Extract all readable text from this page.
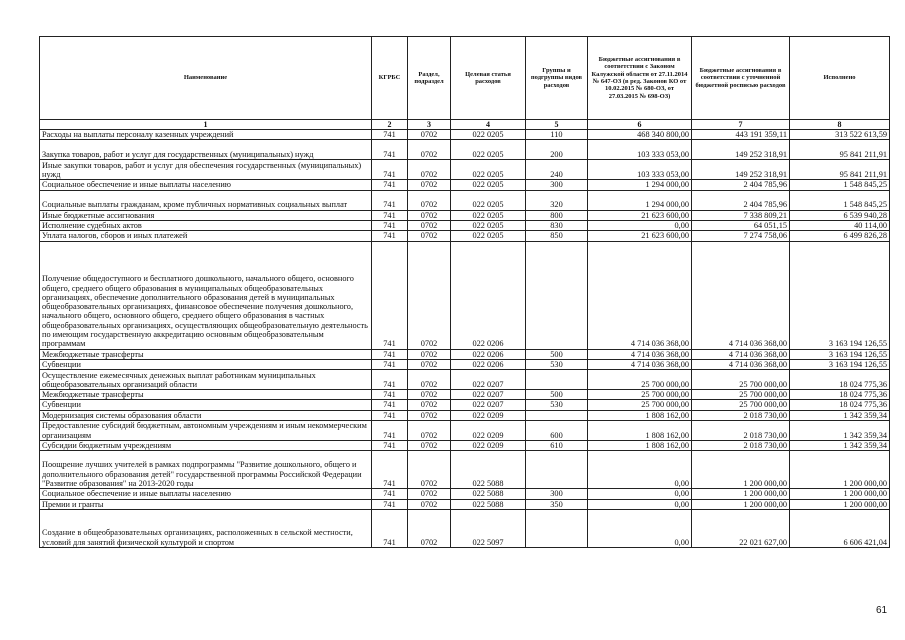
Наименование	КГРБС	Раздел, подраздел	Целевая статья расходов	Группы и подгруппы видов расходов	Бюджетные ассигнования в соответствии с Законом Калужской области от 27.11.2014 № 647-ОЗ (в ред. Законов КО от 10.02.2015 № 680-ОЗ, от 27.03.2015 № 698-ОЗ)	Бюджетные ассигнования в соответствии с уточненной бюджетной росписью расходов	Исполнено
1	2	3	4	5	6	7	8
Расходы на выплаты персоналу казенных учреждений	741	0702	022 0205	110	468 340 800,00	443 191 359,11	313 522 613,59
Закупка товаров, работ и услуг для государственных (муниципальных) нужд	741	0702	022 0205	200	103 333 053,00	149 252 318,91	95 841 211,91
Иные закупки товаров, работ и услуг для обеспечения государственных (муниципальных) нужд	741	0702	022 0205	240	103 333 053,00	149 252 318,91	95 841 211,91
Социальное обеспечение и иные выплаты населению	741	0702	022 0205	300	1 294 000,00	2 404 785,96	1 548 845,25
Социальные выплаты гражданам, кроме публичных нормативных социальных выплат	741	0702	022 0205	320	1 294 000,00	2 404 785,96	1 548 845,25
Иные бюджетные ассигнования	741	0702	022 0205	800	21 623 600,00	7 338 809,21	6 539 940,28
Исполнение судебных актов	741	0702	022 0205	830	0,00	64 051,15	40 114,00
Уплата налогов, сборов и иных платежей	741	0702	022 0205	850	21 623 600,00	7 274 758,06	6 499 826,28
Получение общедоступного и бесплатного дошкольного, начального общего, основного общего, среднего общего образования в муниципальных общеобразовательных организациях, обеспечение дополнительного образования детей в муниципальных общеобразовательных организациях, финансовое обеспечение получения дошкольного, начального общего, основного общего, среднего общего образования в частных общеобразовательных организациях, осуществляющих общеобразовательную деятельность по имеющим государственную аккредитацию основным общеобразовательным программам	741	0702	022 0206		4 714 036 368,00	4 714 036 368,00	3 163 194 126,55
Межбюджетные трансферты	741	0702	022 0206	500	4 714 036 368,00	4 714 036 368,00	3 163 194 126,55
Субвенции	741	0702	022 0206	530	4 714 036 368,00	4 714 036 368,00	3 163 194 126,55
Осуществление ежемесячных денежных выплат работникам муниципальных общеобразовательных организаций области	741	0702	022 0207		25 700 000,00	25 700 000,00	18 024 775,36
Межбюджетные трансферты	741	0702	022 0207	500	25 700 000,00	25 700 000,00	18 024 775,36
Субвенции	741	0702	022 0207	530	25 700 000,00	25 700 000,00	18 024 775,36
Модернизация системы образования области	741	0702	022 0209		1 808 162,00	2 018 730,00	1 342 359,34
Предоставление субсидий бюджетным, автономным учреждениям и иным некоммерческим организациям	741	0702	022 0209	600	1 808 162,00	2 018 730,00	1 342 359,34
Субсидии бюджетным учреждениям	741	0702	022 0209	610	1 808 162,00	2 018 730,00	1 342 359,34
Поощрение лучших учителей в рамках подпрограммы "Развитие дошкольного, общего и дополнительного образования детей" государственной программы Российской Федерации "Развитие образования" на 2013-2020 годы	741	0702	022 5088		0,00	1 200 000,00	1 200 000,00
Социальное обеспечение и иные выплаты населению	741	0702	022 5088	300	0,00	1 200 000,00	1 200 000,00
Премии и гранты	741	0702	022 5088	350	0,00	1 200 000,00	1 200 000,00
Создание в общеобразовательных организациях, расположенных в сельской местности, условий для занятий физической культурой и спортом	741	0702	022 5097		0,00	22 021 627,00	6 606 421,04
61
